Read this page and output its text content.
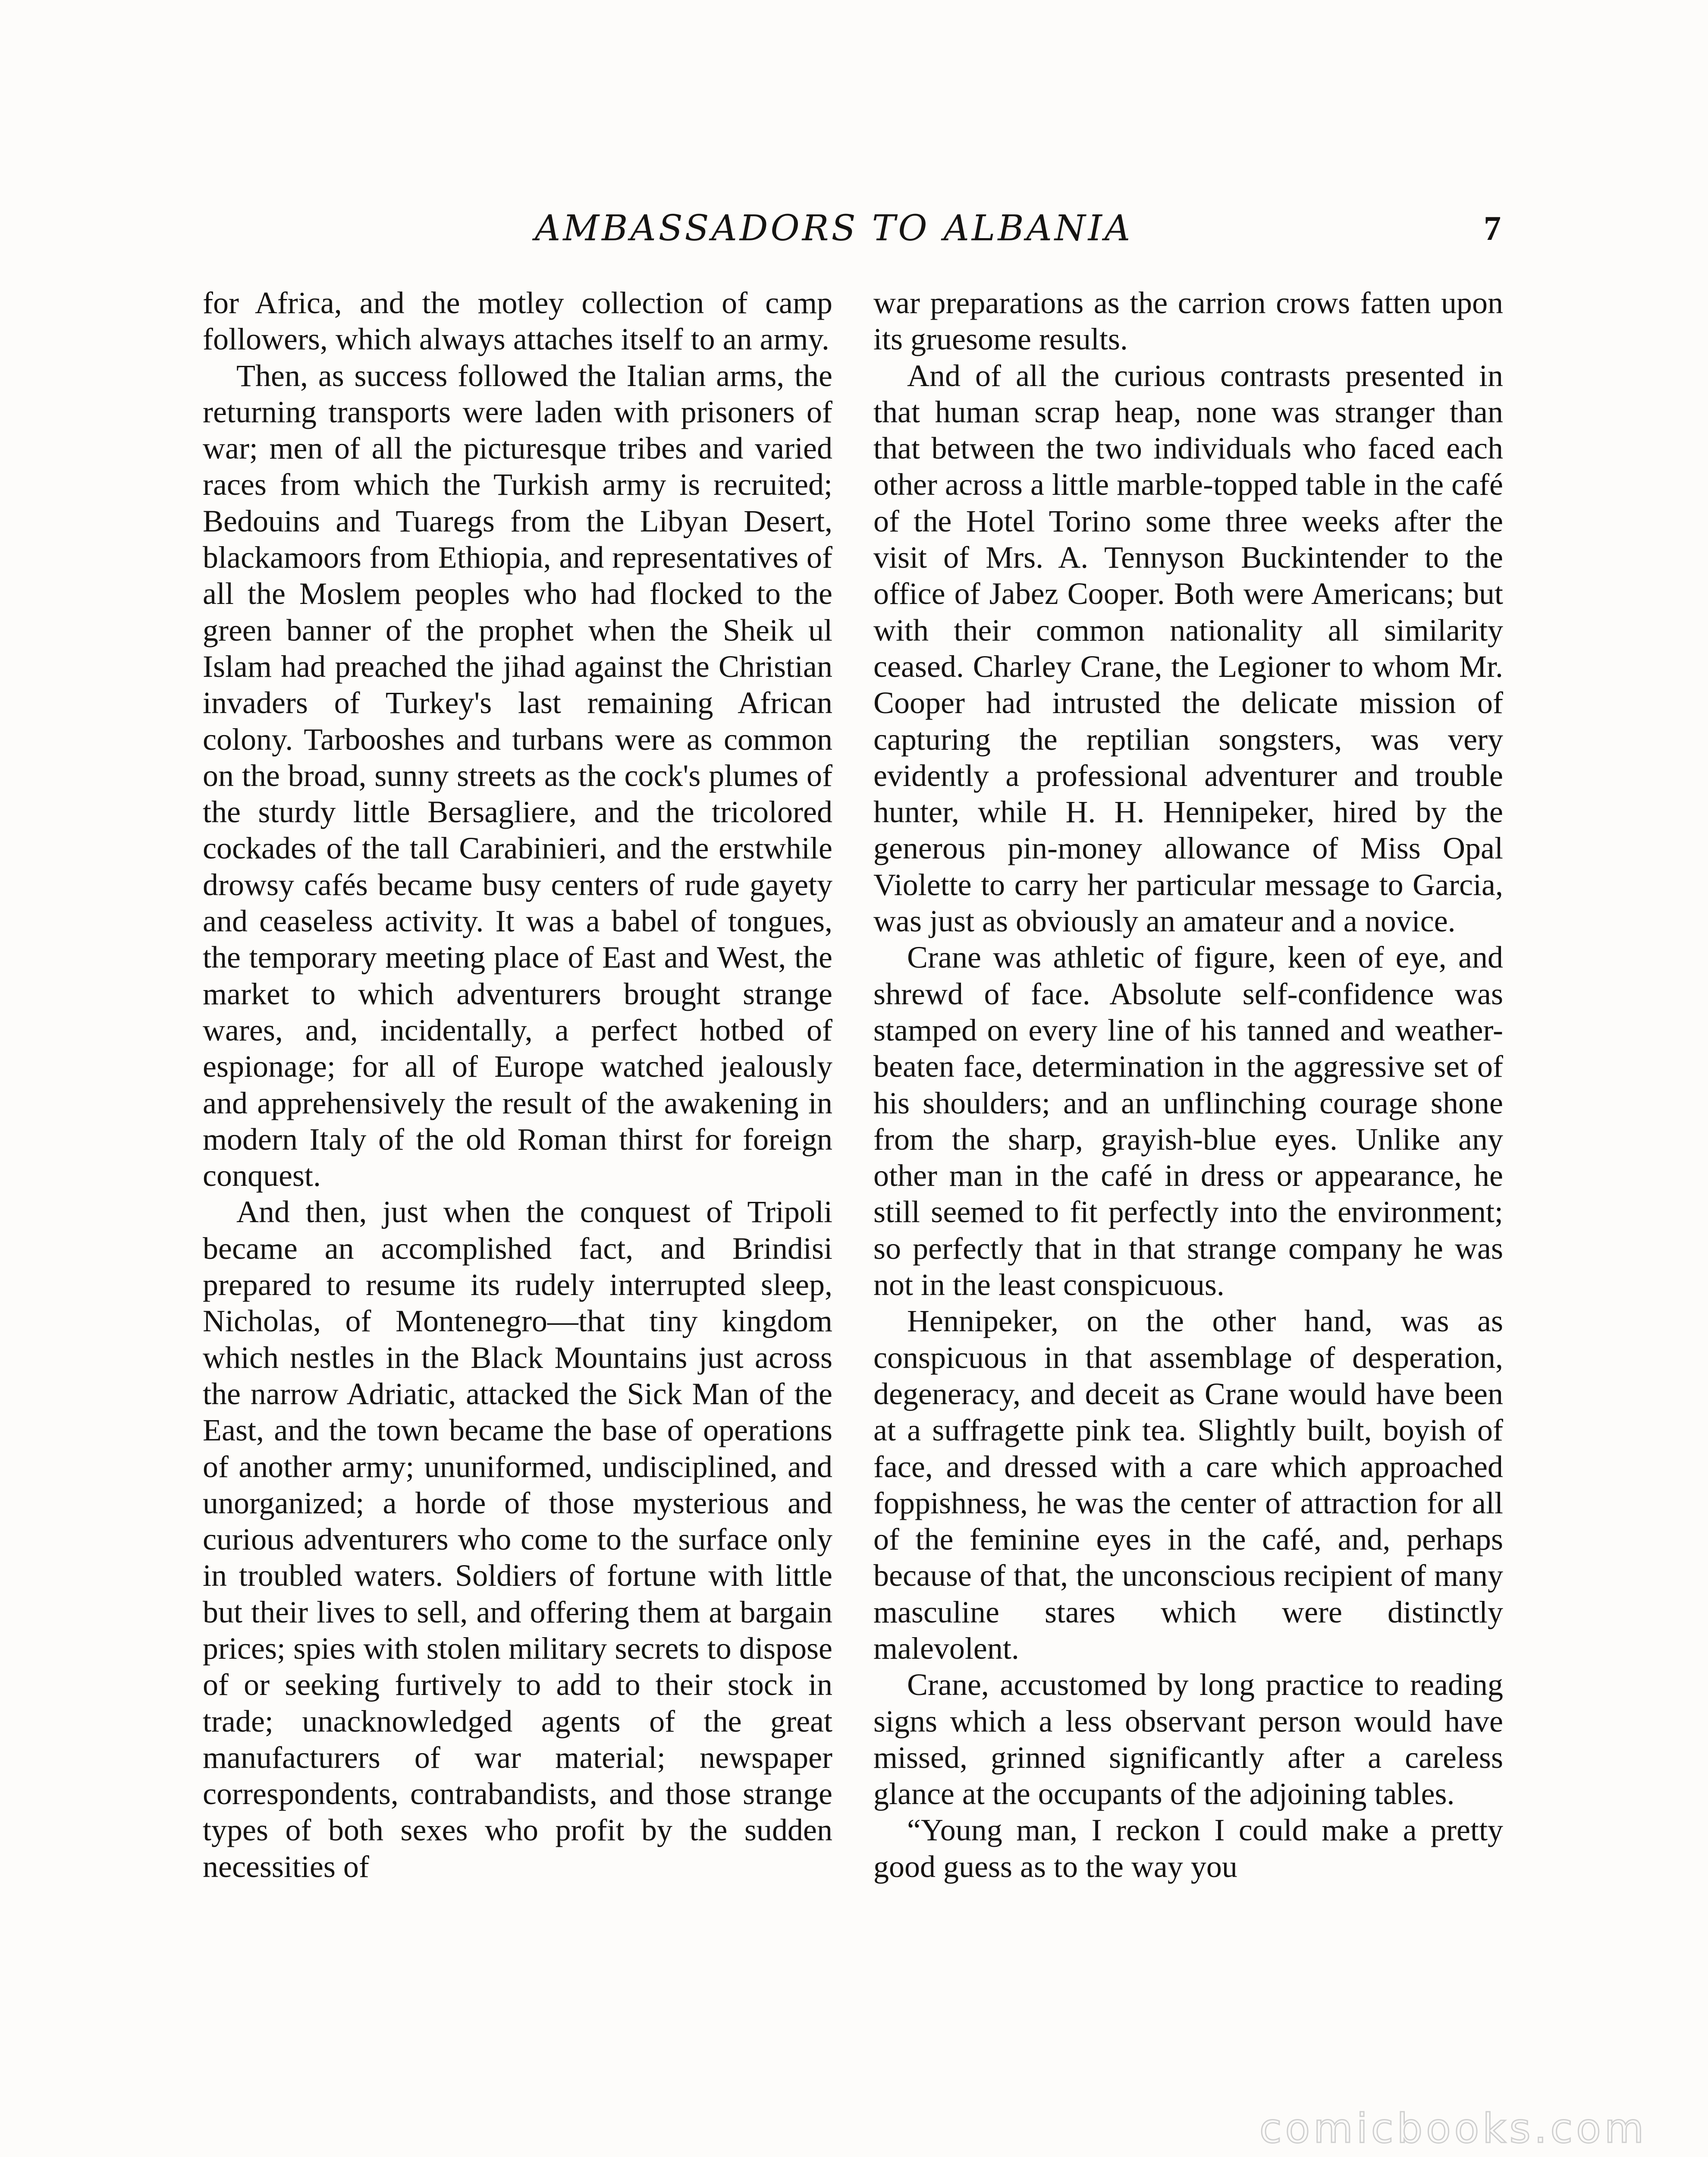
AMBASSADORS TO ALBANIA	7

for Africa, and the motley collection of camp followers, which always attaches itself to an army.

Then, as success followed the Italian arms, the returning transports were laden with prisoners of war; men of all the picturesque tribes and varied races from which the Turkish army is recruited; Bedouins and Tuaregs from the Libyan Desert, blackamoors from Ethiopia, and representatives of all the Moslem peoples who had flocked to the green banner of the prophet when the Sheik ul Islam had preached the jihad against the Christian invaders of Turkey's last remaining African colony. Tarbooshes and turbans were as common on the broad, sunny streets as the cock's plumes of the sturdy little Bersagliere, and the tricolored cockades of the tall Carabinieri, and the erstwhile drowsy cafés became busy centers of rude gayety and ceaseless activity. It was a babel of tongues, the temporary meeting place of East and West, the market to which adventurers brought strange wares, and, incidentally, a perfect hotbed of espionage; for all of Europe watched jealously and apprehensively the result of the awakening in modern Italy of the old Roman thirst for foreign conquest.

And then, just when the conquest of Tripoli became an accomplished fact, and Brindisi prepared to resume its rudely interrupted sleep, Nicholas, of Montenegro—that tiny kingdom which nestles in the Black Mountains just across the narrow Adriatic, attacked the Sick Man of the East, and the town became the base of operations of another army; ununiformed, undisciplined, and unorganized; a horde of those mysterious and curious adventurers who come to the surface only in troubled waters. Soldiers of fortune with little but their lives to sell, and offering them at bargain prices; spies with stolen military secrets to dispose of or seeking furtively to add to their stock in trade; unacknowledged agents of the great manufacturers of war material; newspaper correspondents, contrabandists, and those strange types of both sexes who profit by the sudden necessities of

war preparations as the carrion crows fatten upon its gruesome results.

And of all the curious contrasts presented in that human scrap heap, none was stranger than that between the two individuals who faced each other across a little marble-topped table in the café of the Hotel Torino some three weeks after the visit of Mrs. A. Tennyson Buckintender to the office of Jabez Cooper. Both were Americans; but with their common nationality all similarity ceased. Charley Crane, the Legioner to whom Mr. Cooper had intrusted the delicate mission of capturing the reptilian songsters, was very evidently a professional adventurer and trouble hunter, while H. H. Hennipeker, hired by the generous pin-money allowance of Miss Opal Violette to carry her particular message to Garcia, was just as obviously an amateur and a novice.

Crane was athletic of figure, keen of eye, and shrewd of face. Absolute self-confidence was stamped on every line of his tanned and weather-beaten face, determination in the aggressive set of his shoulders; and an unflinching courage shone from the sharp, grayish-blue eyes. Unlike any other man in the café in dress or appearance, he still seemed to fit perfectly into the environment; so perfectly that in that strange company he was not in the least conspicuous.

Hennipeker, on the other hand, was as conspicuous in that assemblage of desperation, degeneracy, and deceit as Crane would have been at a suffragette pink tea. Slightly built, boyish of face, and dressed with a care which approached foppishness, he was the center of attraction for all of the feminine eyes in the café, and, perhaps because of that, the unconscious recipient of many masculine stares which were distinctly malevolent.

Crane, accustomed by long practice to reading signs which a less observant person would have missed, grinned significantly after a careless glance at the occupants of the adjoining tables.

“Young man, I reckon I could make a pretty good guess as to the way you

comicbooks.com
